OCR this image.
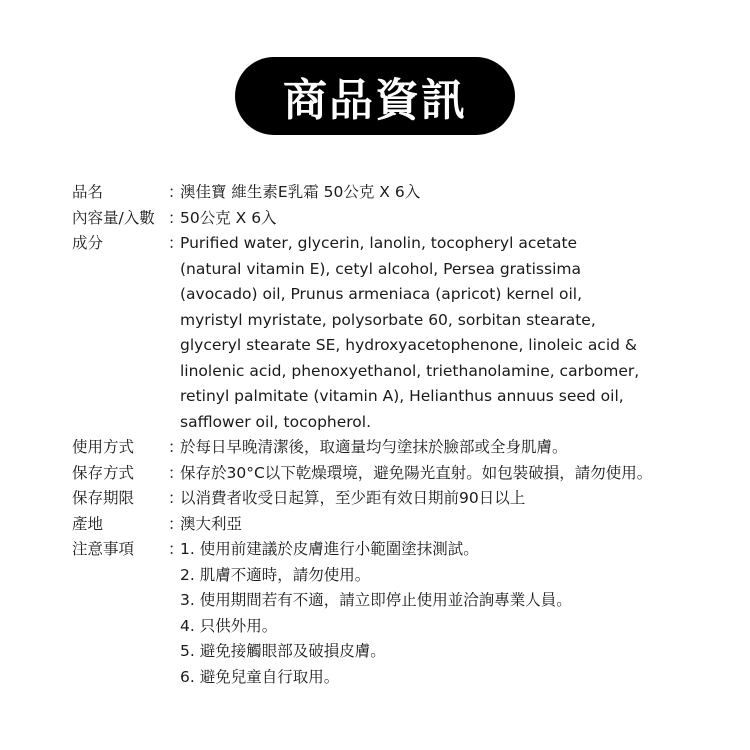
商品資訊
品名	：
澳佳寶 維生素E乳霜 50公克 X 6入
內容量/入數 ：
50公克 X 6入
成分	：
Purified water, glycerin, lanolin, tocopheryl acetate
(natural vitamin E), cetyl alcohol, Persea gratissima
(avocado) oil, Prunus armeniaca (apricot) kernel oil,
myristyl myristate, polysorbate 60, sorbitan stearate,
glyceryl stearate SE, hydroxyacetophenone, linoleic acid &
linolenic acid, phenoxyethanol, triethanolamine, carbomer,
retinyl palmitate (vitamin A), Helianthus annuus seed oil,
safflower oil, tocopherol.
使用方式	：
於每日早晚清潔後，取適量均勻塗抹於臉部或全身肌膚。
保存方式	：
保存於30°C以下乾燥環境，避免陽光直射。如包裝破損，請勿使用。
保存期限	：
以消費者收受日起算，至少距有效日期前90日以上
產地	：
澳大利亞
注意事項	：
1. 使用前建議於皮膚進行小範圍塗抹測試。
2. 肌膚不適時，請勿使用。
3. 使用期間若有不適，請立即停止使用並洽詢專業人員。
4. 只供外用。
5. 避免接觸眼部及破損皮膚。
6. 避免兒童自行取用。
